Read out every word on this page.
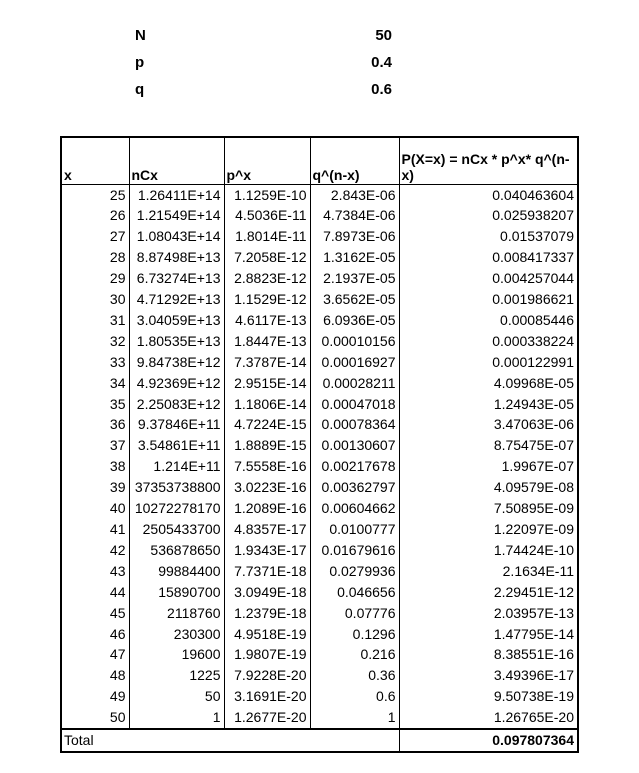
N	50
p	0.4
q	0.6
x	nCx	p^x	q^(n-x)	P(X=x) = nCx * p^x* q^(n-x)
25	1.26411E+14	1.1259E-10	2.843E-06	0.040463604
26	1.21549E+14	4.5036E-11	4.7384E-06	0.025938207
27	1.08043E+14	1.8014E-11	7.8973E-06	0.01537079
28	8.87498E+13	7.2058E-12	1.3162E-05	0.008417337
29	6.73274E+13	2.8823E-12	2.1937E-05	0.004257044
30	4.71292E+13	1.1529E-12	3.6562E-05	0.001986621
31	3.04059E+13	4.6117E-13	6.0936E-05	0.00085446
32	1.80535E+13	1.8447E-13	0.00010156	0.000338224
33	9.84738E+12	7.3787E-14	0.00016927	0.000122991
34	4.92369E+12	2.9515E-14	0.00028211	4.09968E-05
35	2.25083E+12	1.1806E-14	0.00047018	1.24943E-05
36	9.37846E+11	4.7224E-15	0.00078364	3.47063E-06
37	3.54861E+11	1.8889E-15	0.00130607	8.75475E-07
38	1.214E+11	7.5558E-16	0.00217678	1.9967E-07
39	37353738800	3.0223E-16	0.00362797	4.09579E-08
40	10272278170	1.2089E-16	0.00604662	7.50895E-09
41	2505433700	4.8357E-17	0.0100777	1.22097E-09
42	536878650	1.9343E-17	0.01679616	1.74424E-10
43	99884400	7.7371E-18	0.0279936	2.1634E-11
44	15890700	3.0949E-18	0.046656	2.29451E-12
45	2118760	1.2379E-18	0.07776	2.03957E-13
46	230300	4.9518E-19	0.1296	1.47795E-14
47	19600	1.9807E-19	0.216	8.38551E-16
48	1225	7.9228E-20	0.36	3.49396E-17
49	50	3.1691E-20	0.6	9.50738E-19
50	1	1.2677E-20	1	1.26765E-20
Total				0.097807364
